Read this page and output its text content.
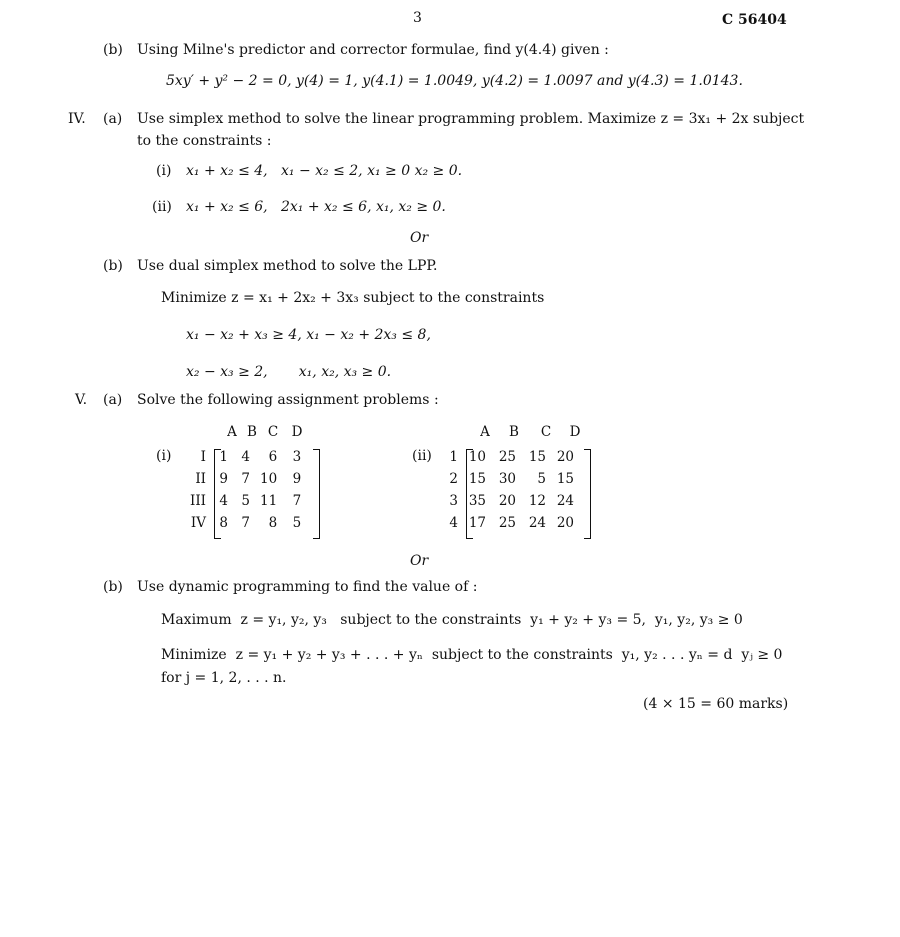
3	C 56404
(b) Using Milne's predictor and corrector formulae, find y(4.4) given :
5xy′ + y² − 2 = 0, y(4) = 1, y(4.1) = 1.0049, y(4.2) = 1.0097 and y(4.3) = 1.0143.
IV. (a) Use simplex method to solve the linear programming problem. Maximize z = 3x₁ + 2x subject
to the constraints :
(i) x₁ + x₂ ≤ 4,   x₁ − x₂ ≤ 2, x₁ ≥ 0 x₂ ≥ 0.
(ii) x₁ + x₂ ≤ 6,   2x₁ + x₂ ≤ 6, x₁, x₂ ≥ 0.
Or
(b) Use dual simplex method to solve the LPP.
Minimize z = x₁ + 2x₂ + 3x₃ subject to the constraints
x₁ − x₂ + x₃ ≥ 4, x₁ − x₂ + 2x₃ ≤ 8,
x₂ − x₃ ≥ 2,       x₁, x₂, x₃ ≥ 0.
V. (a) Solve the following assignment problems :
(i)
A B C D
I	1	4	6	3
II	9	7	10	9
III	4	5	11	7
IV	8	7	8	5
(ii)
A B C D
1	10	25	15	20
2	15	30	5	15
3	35	20	12	24
4	17	25	24	20
Or
(b) Use dynamic programming to find the value of :
Maximum  z = y₁, y₂, y₃   subject to the constraints  y₁ + y₂ + y₃ = 5,  y₁, y₂, y₃ ≥ 0
Minimize  z = y₁ + y₂ + y₃ + . . . + yₙ  subject to the constraints  y₁, y₂ . . . yₙ = d  yⱼ ≥ 0
for j = 1, 2, . . . n.
(4 × 15 = 60 marks)
